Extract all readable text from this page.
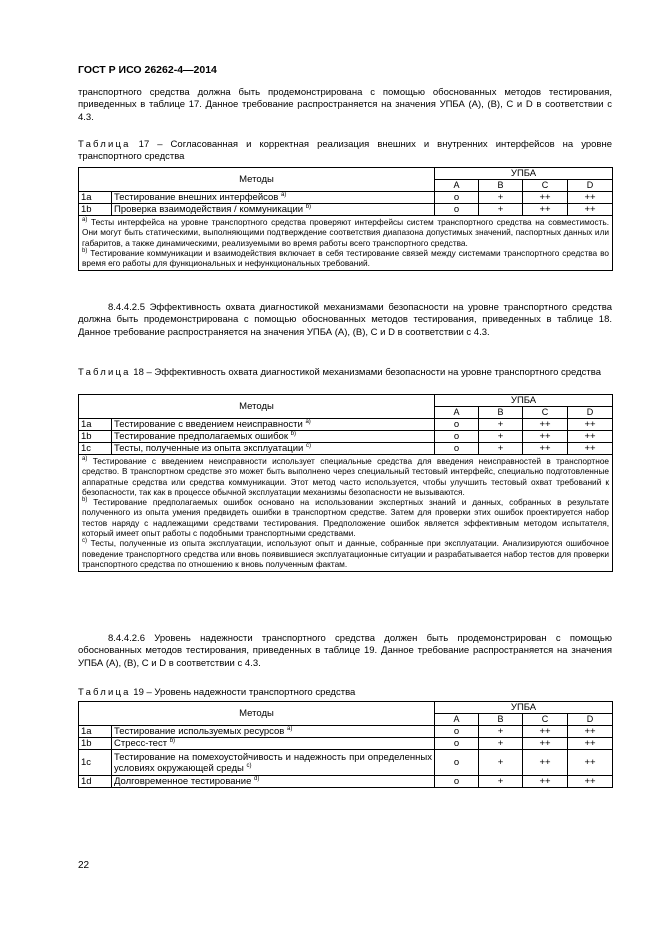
ГОСТ Р ИСО 26262-4—2014
транспортного средства должна быть продемонстрирована с помощью обоснованных методов тестирования, приведенных в таблице 17. Данное требование распространяется на значения УПБА (А), (В), С и D в соответствии с 4.3.
Таблица 17 – Согласованная и корректная реализация внешних и внутренних интерфейсов на уровне транспортного средства
Методы		УПБА			
		A	B	C	D
1a	Тестирование внешних интерфейсов $^{a)}$	o	+	++	++
1b	Проверка взаимодействия / коммуникации $^{b)}$	o	+	++	++

$^{a)}$ Тесты интерфейса на уровне транспортного средства проверяют интерфейсы систем транспортного средства на совместимость. Они могут быть статическими, выполняющими подтверждение соответствия диапазона допустимых значений, паспортных данных или габаритов, а также динамическими, реализуемыми во время работы всего транспортного средства.
$^{b)}$ Тестирование коммуникации и взаимодействия включает в себя тестирование связей между системами транспортного средства во время его работы для функциональных и нефункциональных требований.					
8.4.4.2.5 Эффективность охвата диагностикой механизмами безопасности на уровне транспортного средства должна быть продемонстрирована с помощью обоснованных методов тестирования, приведенных в таблице 18. Данное требование распространяется на значения УПБА (А), (В), С и D в соответствии с 4.3.
Таблица 18 – Эффективность охвата диагностикой механизмами безопасности на уровне транспортного средства
Методы		УПБА			
		A	B	C	D
1a	Тестирование с введением неисправности $^{a)}$	o	+	++	++
1b	Тестирование предполагаемых ошибок $^{b)}$	o	+	++	++
1c	Тесты, полученные из опыта эксплуатации $^{c)}$	o	+	++	++

$^{a)}$ Тестирование с введением неисправности использует специальные средства для введения неисправностей в транспортное средство. В транспортном средстве это может быть выполнено через специальный тестовый интерфейс, специально подготовленные аппаратные средства или средства коммуникации. Этот метод часто используется, чтобы улучшить тестовый охват требований к безопасности, так как в процессе обычной эксплуатации механизмы безопасности не вызываются.
$^{b)}$ Тестирование предполагаемых ошибок основано на использовании экспертных знаний и данных, собранных в результате полученного из опыта умения предвидеть ошибки в транспортном средстве. Затем для проверки этих ошибок проектируется набор тестов наряду с надлежащими средствами тестирования. Предположение ошибок является эффективным методом испытателя, который имеет опыт работы с подобными транспортными средствами.
$^{c)}$ Тесты, полученные из опыта эксплуатации, используют опыт и данные, собранные при эксплуатации. Анализируются ошибочное поведение транспортного средства или вновь появившиеся эксплуатационные ситуации и разрабатывается набор тестов для проверки транспортного средства по отношению к вновь полученным фактам.					
8.4.4.2.6 Уровень надежности транспортного средства должен быть продемонстрирован с помощью обоснованных методов тестирования, приведенных в таблице 19. Данное требование распространяется на значения УПБА (А), (В), С и D в соответствии с 4.3.
Таблица 19 – Уровень надежности транспортного средства
Методы		УПБА			
		A	B	C	D
1a	Тестирование используемых ресурсов $^{a)}$	o	+	++	++
1b	Стресс-тест $^{b)}$	o	+	++	++
1c	Тестирование на помехоустойчивость и надежность при определенных условиях окружающей среды $^{c)}$	o	+	++	++
1d	Долговременное тестирование $^{d)}$	o	+	++	++
22
